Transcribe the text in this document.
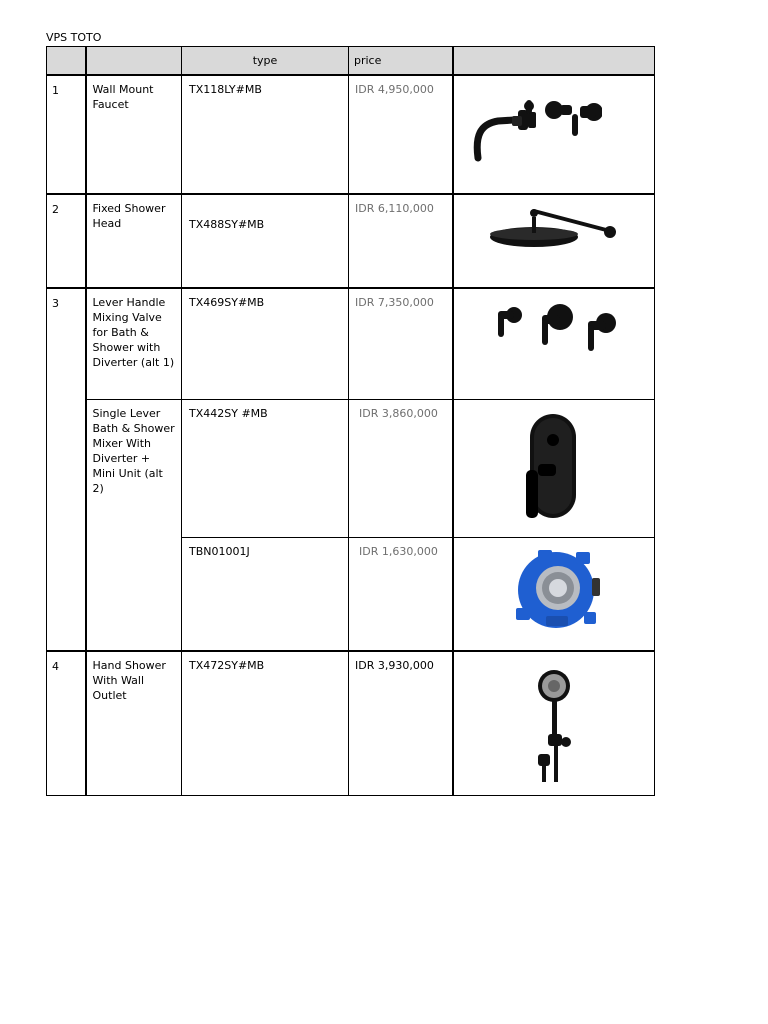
VPS TOTO
		type	price	
1	Wall Mount Faucet	TX118LY#MB	IDR 4,950,000	

2	Fixed Shower Head	TX488SY#MB	IDR 6,110,000	

3	Lever Handle Mixing Valve for Bath & Shower with Diverter (alt 1)	TX469SY#MB	IDR 7,350,000	

	Single Lever Bath & Shower Mixer With Diverter + Mini Unit (alt 2)	TX442SY #MB	IDR 3,860,000	

		TBN01001J	IDR 1,630,000	

4	Hand Shower With Wall Outlet	TX472SY#MB	IDR 3,930,000	
